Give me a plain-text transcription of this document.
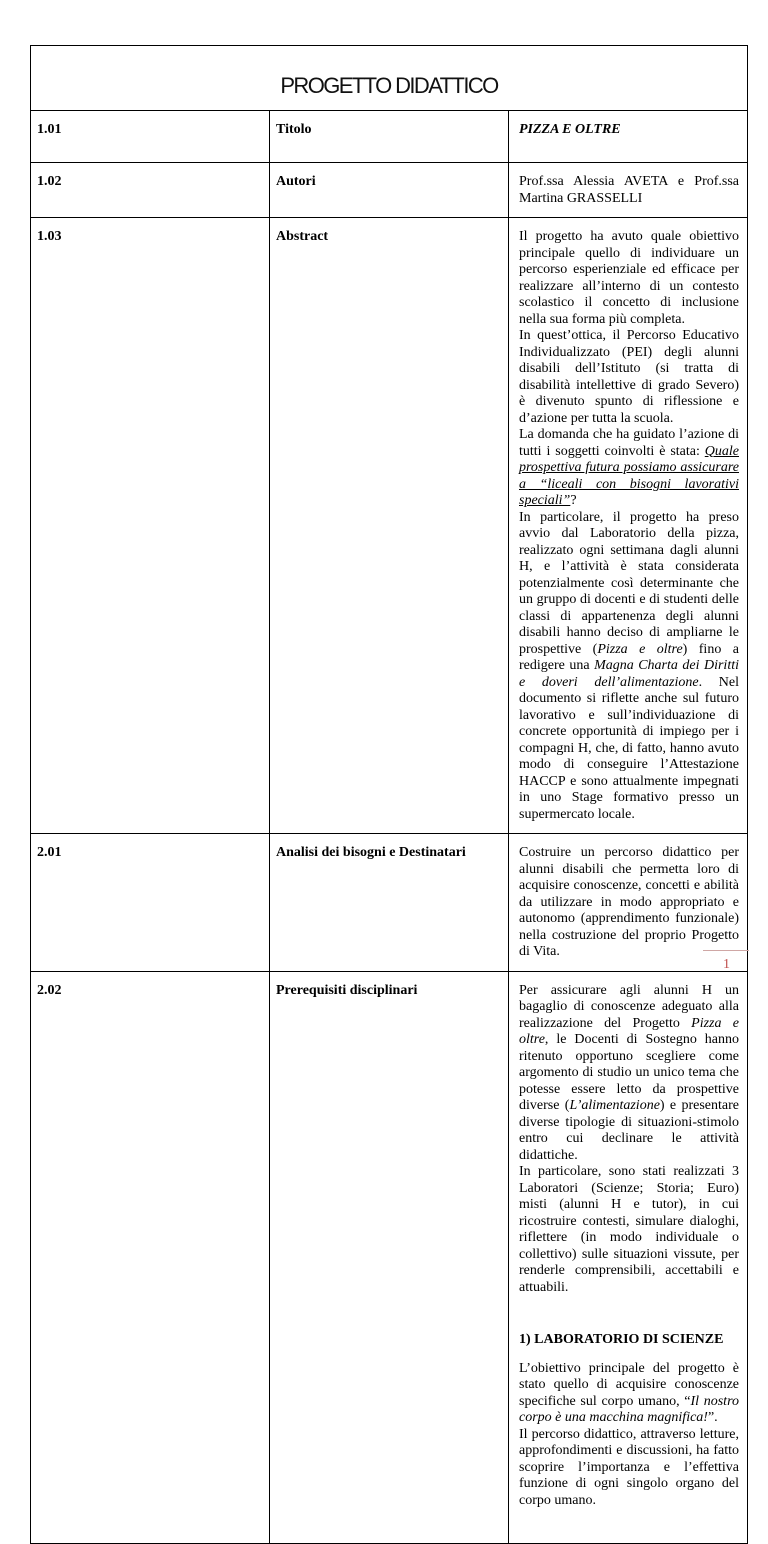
PROGETTO DIDATTICO		
1.01	Titolo	PIZZA E OLTRE
1.02	Autori	Prof.ssa Alessia AVETA e Prof.ssa Martina GRASSELLI
1.03	Abstract	Il progetto ha avuto quale obiettivo principale quello di individuare un percorso esperienziale ed efficace per realizzare all’interno di un contesto scolastico il concetto di inclusione nella sua forma più completa.

In quest’ottica, il Percorso Educativo Individualizzato (PEI) degli alunni disabili dell’Istituto (si tratta di disabilità intellettive di grado Severo) è divenuto spunto di riflessione e d’azione per tutta la scuola.

La domanda che ha guidato l’azione di tutti i soggetti coinvolti è stata: Quale prospettiva futura possiamo assicurare a “liceali con bisogni lavorativi speciali”?

In particolare, il progetto ha preso avvio dal Laboratorio della pizza, realizzato ogni settimana dagli alunni H, e l’attività è stata considerata potenzialmente così determinante che un gruppo di docenti e di studenti delle classi di appartenenza degli alunni disabili hanno deciso di ampliarne le prospettive (Pizza e oltre) fino a redigere una Magna Charta dei Diritti e doveri dell’alimentazione. Nel documento si riflette anche sul futuro lavorativo e sull’individuazione di concrete opportunità di impiego per i compagni H, che, di fatto, hanno avuto modo di conseguire l’Attestazione HACCP e sono attualmente impegnati in uno Stage formativo presso un supermercato locale.

2.01	Analisi dei bisogni e Destinatari	Costruire un percorso didattico per alunni disabili che permetta loro di acquisire conoscenze, concetti e abilità da utilizzare in modo appropriato e autonomo (apprendimento funzionale) nella costruzione del proprio Progetto di Vita.
2.02	Prerequisiti disciplinari	Per assicurare agli alunni H un bagaglio di conoscenze adeguato alla realizzazione del Progetto Pizza e oltre, le Docenti di Sostegno hanno ritenuto opportuno scegliere come argomento di studio un unico tema che potesse essere letto da prospettive diverse (L’alimentazione) e presentare diverse tipologie di situazioni-stimolo entro cui declinare le attività didattiche.

In particolare, sono stati realizzati 3 Laboratori (Scienze; Storia; Euro) misti (alunni H e tutor), in cui ricostruire contesti, simulare dialoghi, riflettere (in modo individuale o collettivo) sulle situazioni vissute, per renderle comprensibili, accettabili e attuabili.

1) LABORATORIO DI SCIENZE

L’obiettivo principale del progetto è stato quello di acquisire conoscenze specifiche sul corpo umano, “Il nostro corpo è una macchina magnifica!”.

Il percorso didattico, attraverso letture, approfondimenti e discussioni, ha fatto scoprire l’importanza e l’effettiva funzione di ogni singolo organo del corpo umano.

1
